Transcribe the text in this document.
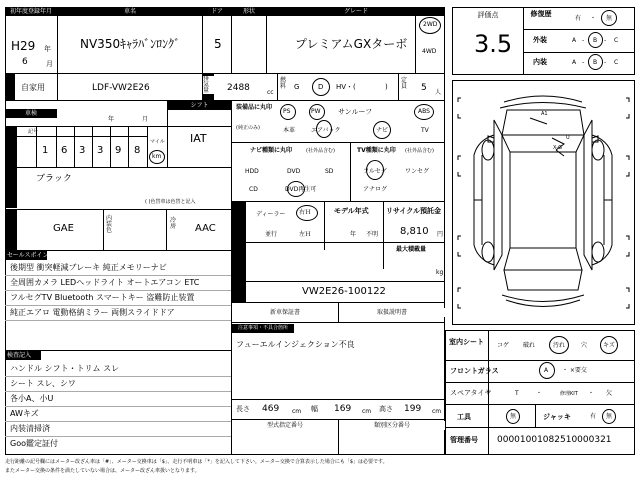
初年度登録年月	車名	ドア	形状	グレード
H29 年
6	月
NV350ｷｬﾗﾊﾞﾝﾛﾝｸﾞ	5	プレミアムGXターボ
2WD
4WD
自家用	LDF-VW2E26
排気量	2488	cc
燃料 G	D HV・(	)
定員 5 人
車検
年	月
走行
記号
1 6 3 3 9 8
マイル
km
シフト
IAT
外装色
ブラック
( )色替車は色替と記入
カラーNo
GAE
内装色
冷房 AAC
装備品に丸印
(純正のみ)
PS	PW サンルーフ	ABS
本革	エアバック	ナビ	TV
ナビ種類に丸印	(社外品含む)
HDD	DVD	SD
CD	DVD再生可
TV種類に丸印 (社外品含む)
フルセグ	ワンセグ
アナログ
輸入車
ディーラー 右Ｈ
並行	左Ｈ
モデル年式
年 不明
リサイクル預託金
8,810 円
登録番号
最大積載量
kg
車台番号
VW2E26-100122
セールスポイント
後期型 衝突軽減ブレーキ 純正メモリーナビ
全周囲カメラ LEDヘッドライト オートエアコン ETC
フルセグTV Bluetooth スマートキー 盗難防止装置
純正エアロ 電動格納ミラー 両側スライドドア	新車保証書	取扱説明書
注意事項・不具合箇所
フューエルインジェクション不良
検査記入
ハンドル シフト・トリム スレ
シート スレ、シワ
各小A、小U
AWキズ
内装清掃済
Goo鑑定証付
長さ 469 cm 幅 169 cm 高さ 199 cm
型式指定番号	類別区分番号
評価点
3.5
修復歴
有 ・ 無
外装	A - B - C
内装	A - B - C
A1
U
X-G
室内シート	コゲ 破れ	汚れ	穴	キズ
フロントガラス	A ・ ×要交
スペアタイヤ	T	・	修理KIT ・ 欠
工具	無	ジャッキ	有 無
管理番号 00001001082510000321
走行距離の記号欄にはメーター改ざん車は「#」、メーター交換車は「$」、走行不明車は「*」を記入して下さい。メーター交換で合算表示した場合にも「$」は必要です。
またメーター交換の条件を満たしていない場合は、メーター改ざん車扱いとなります。
